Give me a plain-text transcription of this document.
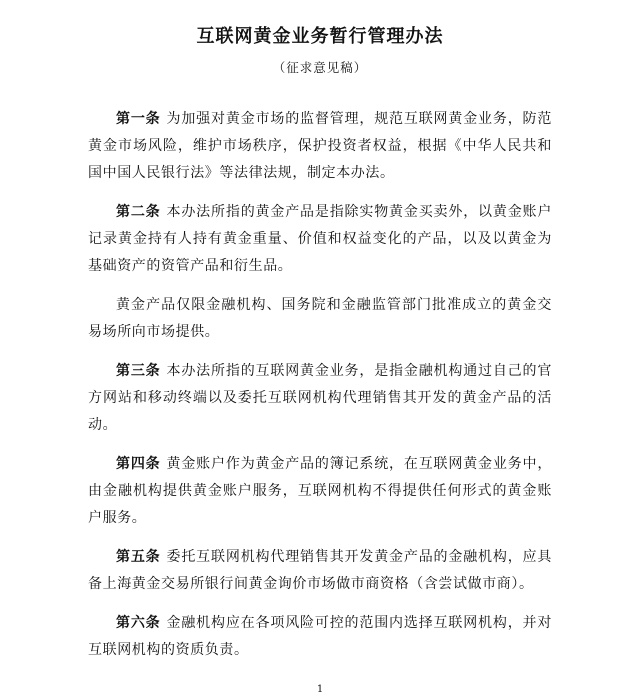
互联网黄金业务暂行管理办法
（征求意见稿）

第一条 为加强对黄金市场的监督管理，规范互联网黄金业务，防范黄金市场风险，维护市场秩序，保护投资者权益，根据《中华人民共和国中国人民银行法》等法律法规，制定本办法。

第二条 本办法所指的黄金产品是指除实物黄金买卖外，以黄金账户记录黄金持有人持有黄金重量、价值和权益变化的产品，以及以黄金为基础资产的资管产品和衍生品。

黄金产品仅限金融机构、国务院和金融监管部门批准成立的黄金交易场所向市场提供。

第三条 本办法所指的互联网黄金业务，是指金融机构通过自己的官方网站和移动终端以及委托互联网机构代理销售其开发的黄金产品的活动。

第四条 黄金账户作为黄金产品的簿记系统，在互联网黄金业务中，由金融机构提供黄金账户服务，互联网机构不得提供任何形式的黄金账户服务。

第五条 委托互联网机构代理销售其开发黄金产品的金融机构，应具备上海黄金交易所银行间黄金询价市场做市商资格（含尝试做市商）。

第六条 金融机构应在各项风险可控的范围内选择互联网机构，并对互联网机构的资质负责。

1
